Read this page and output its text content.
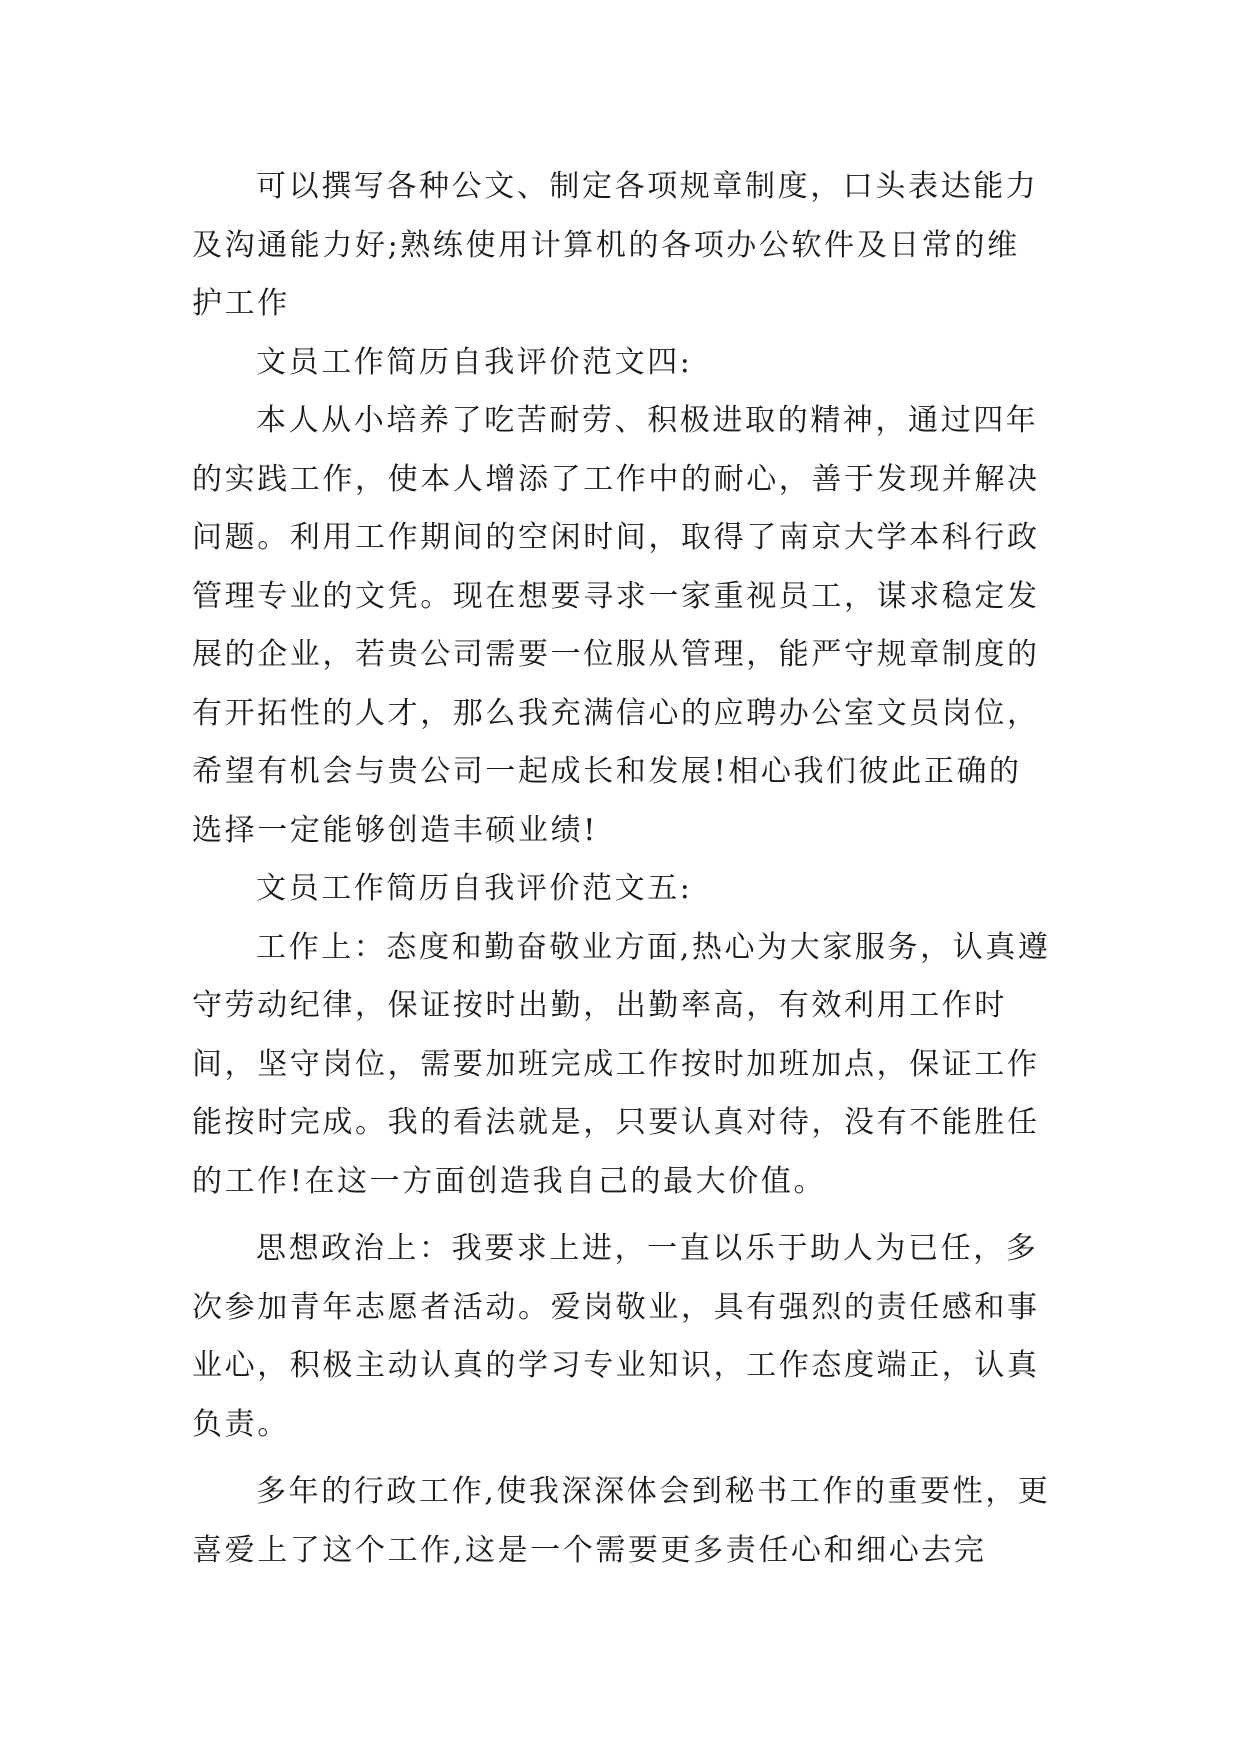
可以撰写各种公文、制定各项规章制度，口头表达能力及沟通能力好;熟练使用计算机的各项办公软件及日常的维护工作

文员工作简历自我评价范文四:

本人从小培养了吃苦耐劳、积极进取的精神，通过四年的实践工作，使本人增添了工作中的耐心，善于发现并解决问题。利用工作期间的空闲时间，取得了南京大学本科行政管理专业的文凭。现在想要寻求一家重视员工，谋求稳定发展的企业，若贵公司需要一位服从管理，能严守规章制度的有开拓性的人才，那么我充满信心的应聘办公室文员岗位，希望有机会与贵公司一起成长和发展!相心我们彼此正确的选择一定能够创造丰硕业绩!

文员工作简历自我评价范文五:

工作上：态度和勤奋敬业方面,热心为大家服务，认真遵守劳动纪律，保证按时出勤，出勤率高，有效利用工作时间，坚守岗位，需要加班完成工作按时加班加点，保证工作能按时完成。我的看法就是，只要认真对待，没有不能胜任的工作!在这一方面创造我自己的最大价值。

思想政治上：我要求上进，一直以乐于助人为已任，多次参加青年志愿者活动。爱岗敬业，具有强烈的责任感和事业心，积极主动认真的学习专业知识，工作态度端正，认真负责。

多年的行政工作,使我深深体会到秘书工作的重要性，更喜爱上了这个工作,这是一个需要更多责任心和细心去完
